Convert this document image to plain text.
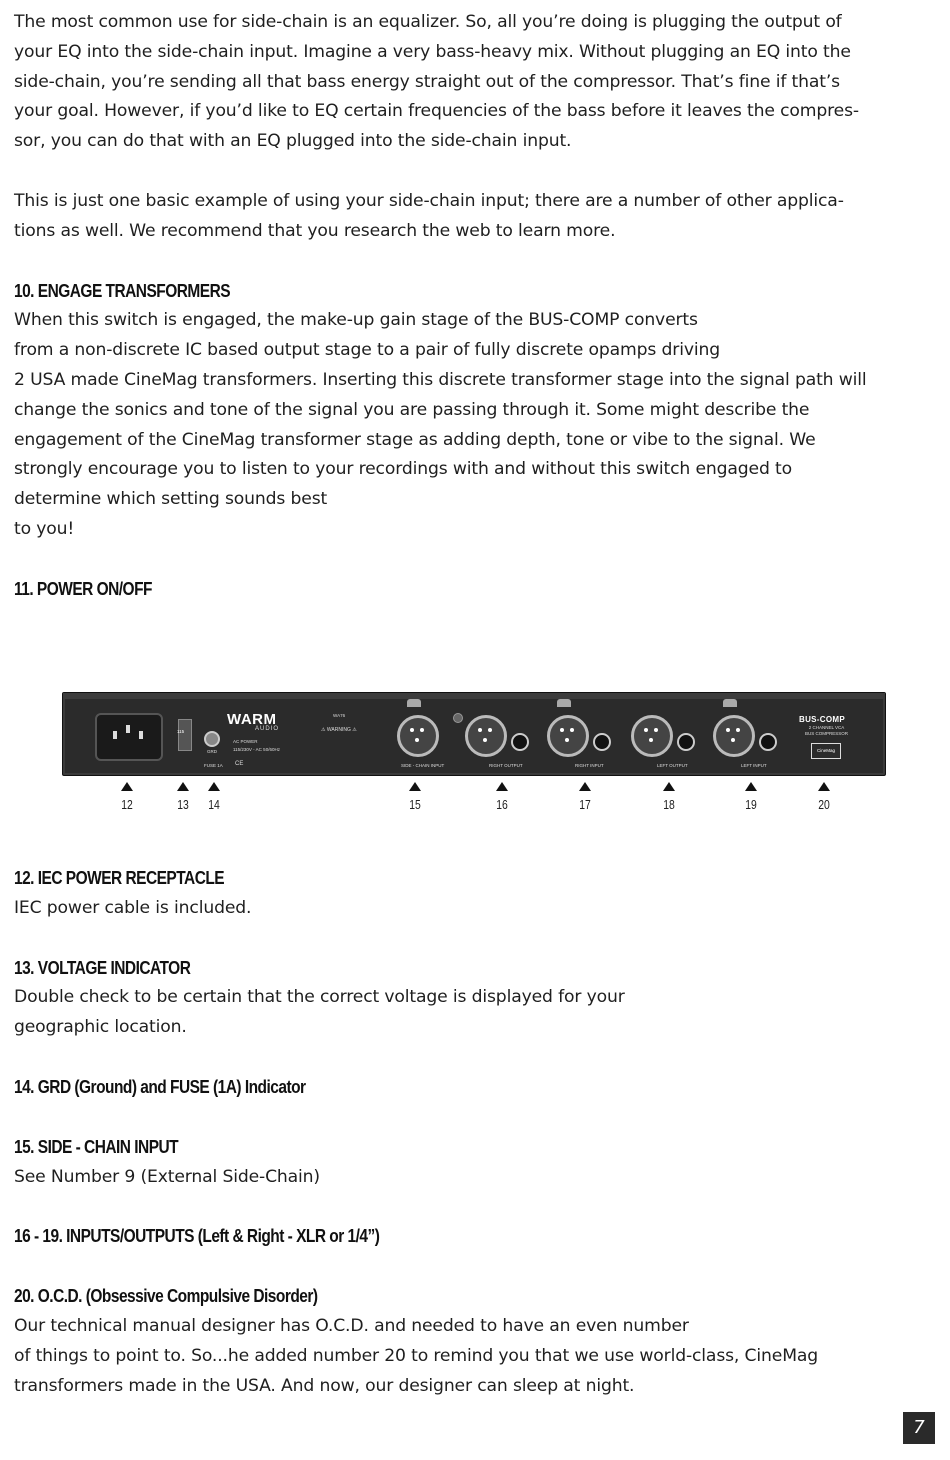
The most common use for side-chain is an equalizer. So, all you’re doing is plugging the output of
your EQ into the side-chain input. Imagine a very bass-heavy mix. Without plugging an EQ into the
side-chain, you’re sending all that bass energy straight out of the compressor. That’s fine if that’s
your goal. However, if you’d like to EQ certain frequencies of the bass before it leaves the compres-
sor, you can do that with an EQ plugged into the side-chain input.

This is just one basic example of using your side-chain input; there are a number of other applica-
tions as well. We recommend that you research the web to learn more.

10. ENGAGE TRANSFORMERS

When this switch is engaged, the make-up gain stage of the BUS-COMP converts
from a non-discrete IC based output stage to a pair of fully discrete opamps driving
2 USA made CineMag transformers. Inserting this discrete transformer stage into the signal path will
change the sonics and tone of the signal you are passing through it. Some might describe the
engagement of the CineMag transformer stage as adding depth, tone or vibe to the signal. We
strongly encourage you to listen to your recordings with and without this switch engaged to
determine which setting sounds best
to you!

11. POWER ON/OFF
115
GRD
FUSE 1A
WARM
AUDIO
AC POWER
115/230V - AC 50/60Hz
CE
WA76
⚠ WARNING ⚠
SIDE - CHAIN INPUT	RIGHT OUTPUT	RIGHT INPUT	LEFT OUTPUT	LEFT INPUT
BUS-COMP
2 CHANNEL VCA
BUS COMPRESSOR
CineMag
12	13	14	15	16	17	18	19	20
12. IEC POWER RECEPTACLE

IEC power cable is included.

13. VOLTAGE INDICATOR

Double check to be certain that the correct voltage is displayed for your
geographic location.

14. GRD (Ground) and FUSE (1A) Indicator
15. SIDE - CHAIN INPUT

See Number 9 (External Side-Chain)

16 - 19. INPUTS/OUTPUTS (Left & Right - XLR or 1/4”)
20. O.C.D. (Obsessive Compulsive Disorder)

Our technical manual designer has O.C.D. and needed to have an even number
of things to point to. So...he added number 20 to remind you that we use world-class, CineMag
transformers made in the USA. And now, our designer can sleep at night.

7
